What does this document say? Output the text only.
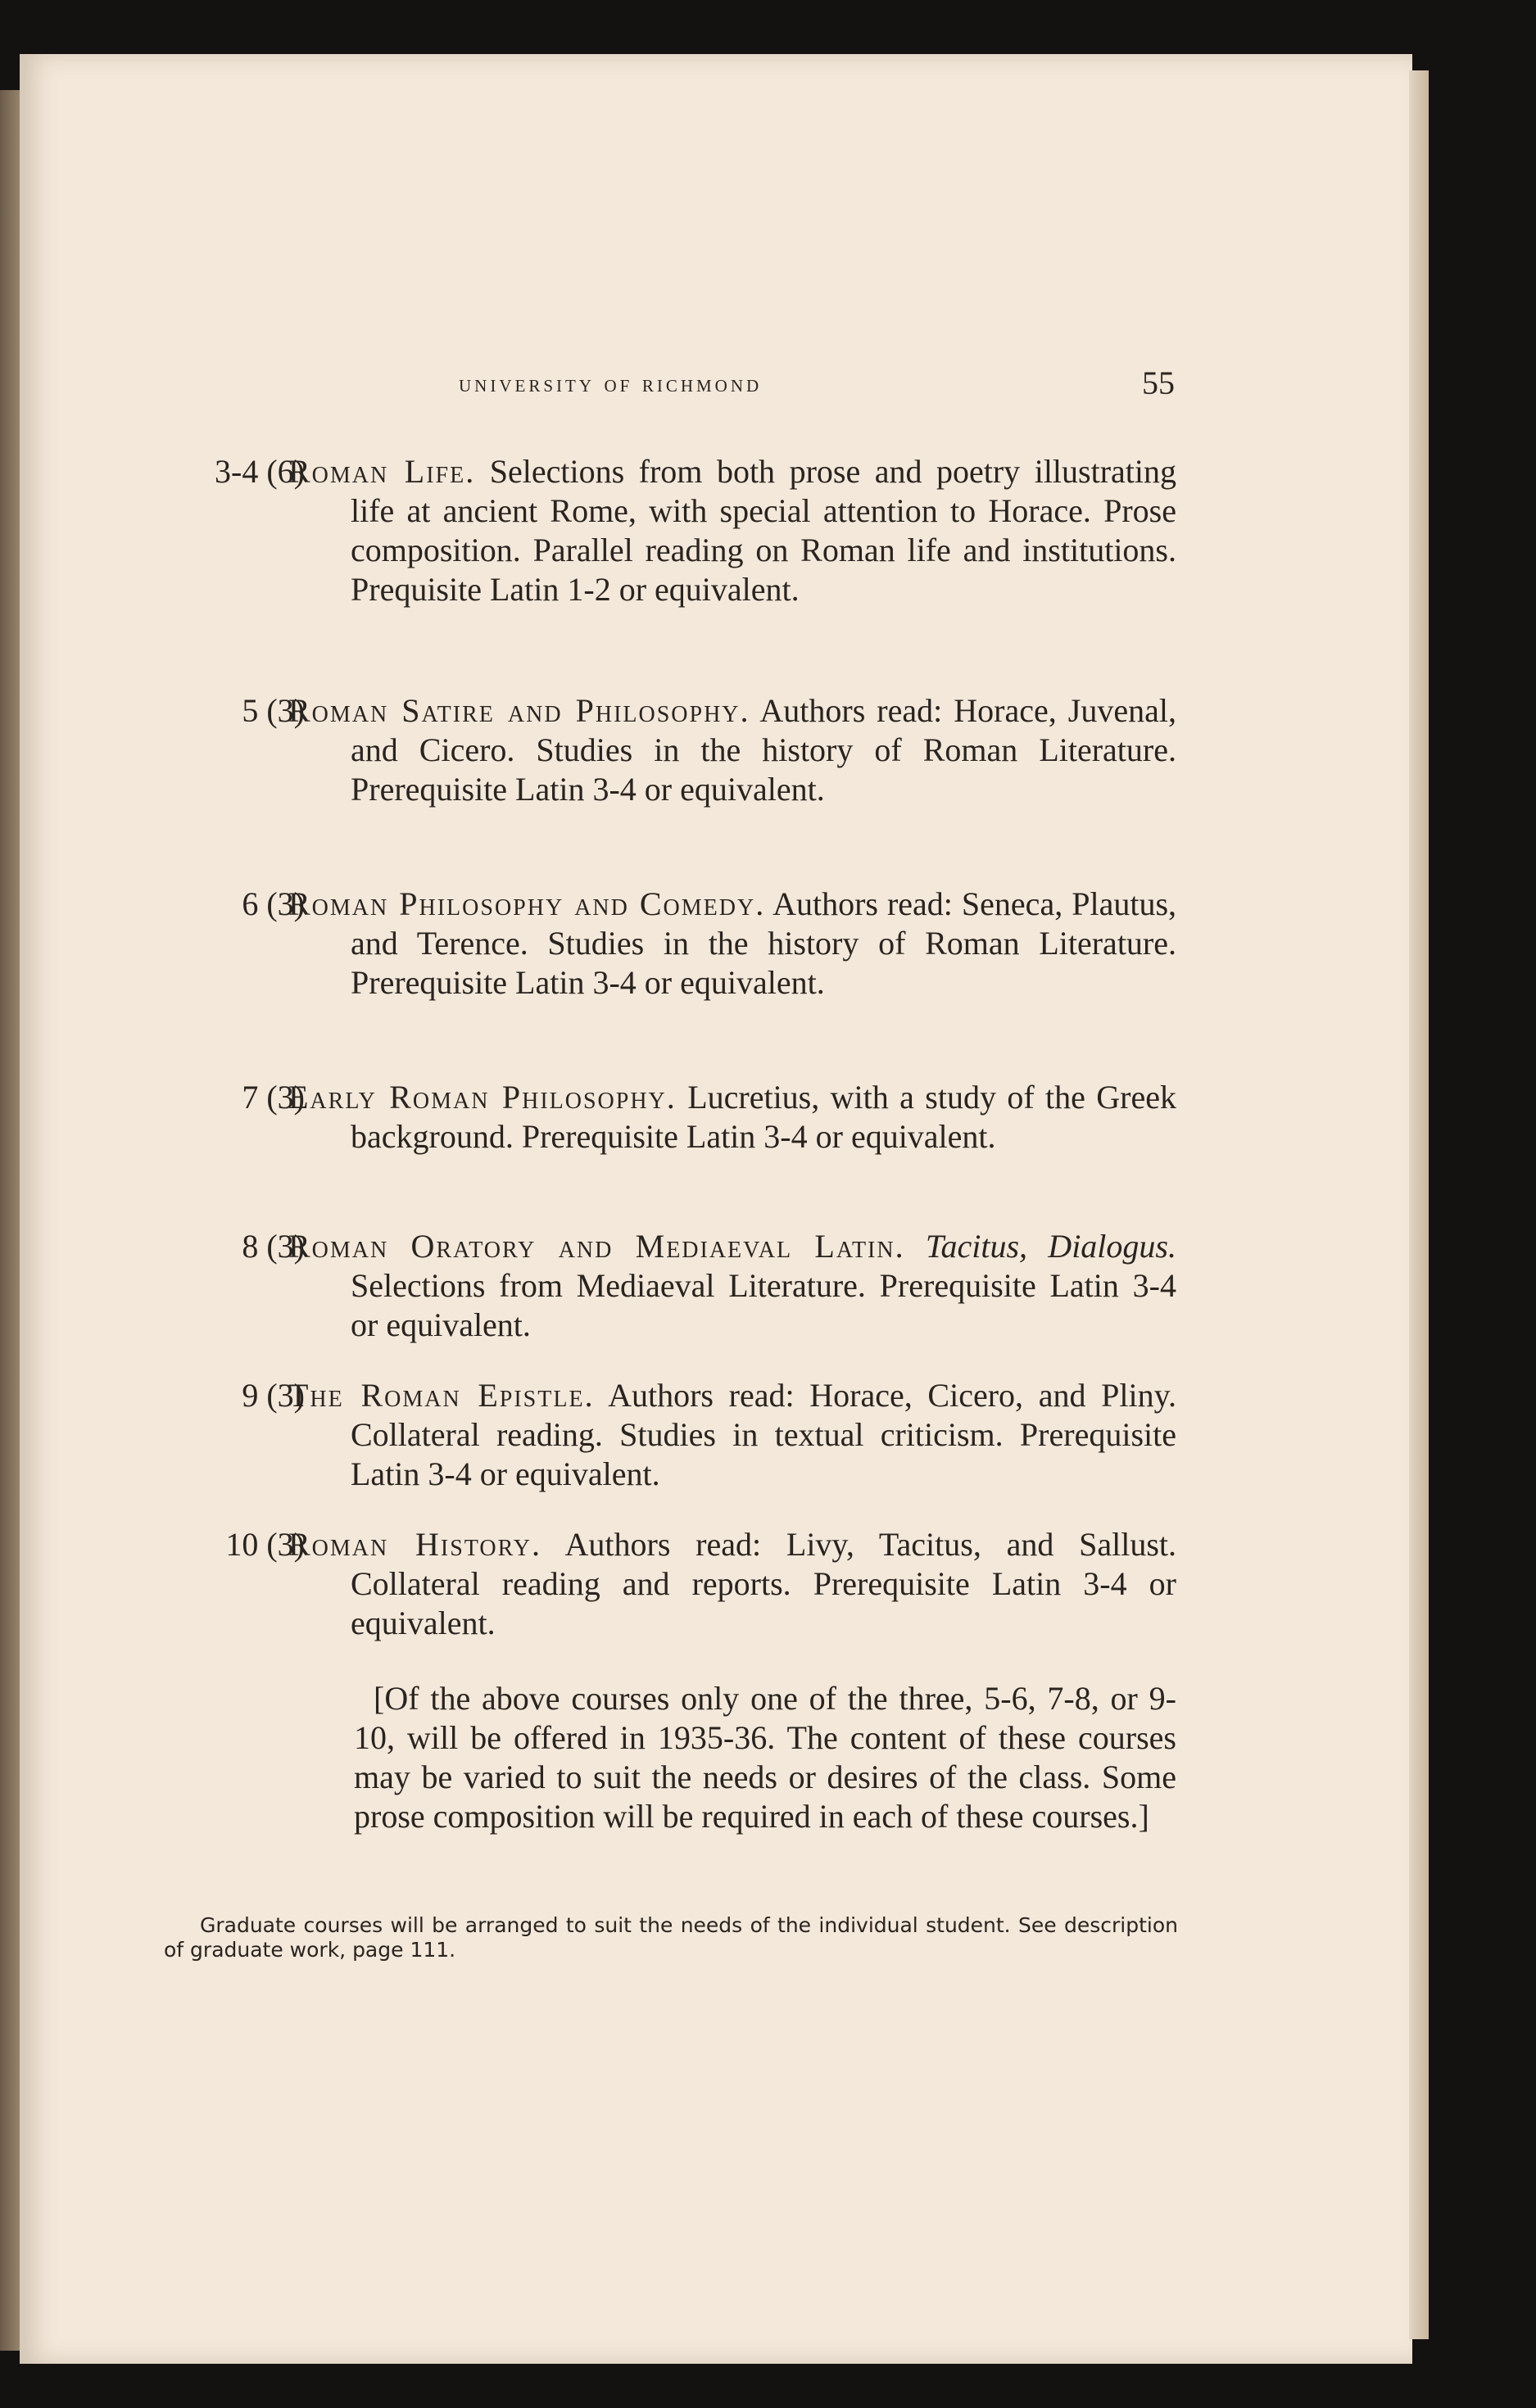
university of richmond	55
3-4 (6)
Roman Life. Selections from both prose and poetry illustrating life at ancient Rome, with special attention to Horace. Prose composition. Parallel reading on Roman life and institutions. Prequisite Latin 1-2 or equivalent.
5 (3)
Roman Satire and Philosophy. Authors read: Horace, Juvenal, and Cicero. Studies in the history of Roman Literature. Prerequisite Latin 3-4 or equivalent.
6 (3)
Roman Philosophy and Comedy. Authors read: Seneca, Plautus, and Terence. Studies in the history of Roman Literature. Prerequisite Latin 3-4 or equivalent.
7 (3)
Early Roman Philosophy. Lucretius, with a study of the Greek background. Prerequisite Latin 3-4 or equivalent.
8 (3)
Roman Oratory and Mediaeval Latin. Tacitus, Dialogus. Selections from Mediaeval Literature. Prerequisite Latin 3-4 or equivalent.
9 (3)
The Roman Epistle. Authors read: Horace, Cicero, and Pliny. Collateral reading. Studies in textual criticism. Prerequisite Latin 3-4 or equivalent.
10 (3)
Roman History. Authors read: Livy, Tacitus, and Sallust. Collateral reading and reports. Prerequisite Latin 3-4 or equivalent.
[Of the above courses only one of the three, 5-6, 7-8, or 9-10, will be offered in 1935-36. The content of these courses may be varied to suit the needs or desires of the class. Some prose composition will be required in each of these courses.]
Graduate courses will be arranged to suit the needs of the individual student. See description of graduate work, page 111.
